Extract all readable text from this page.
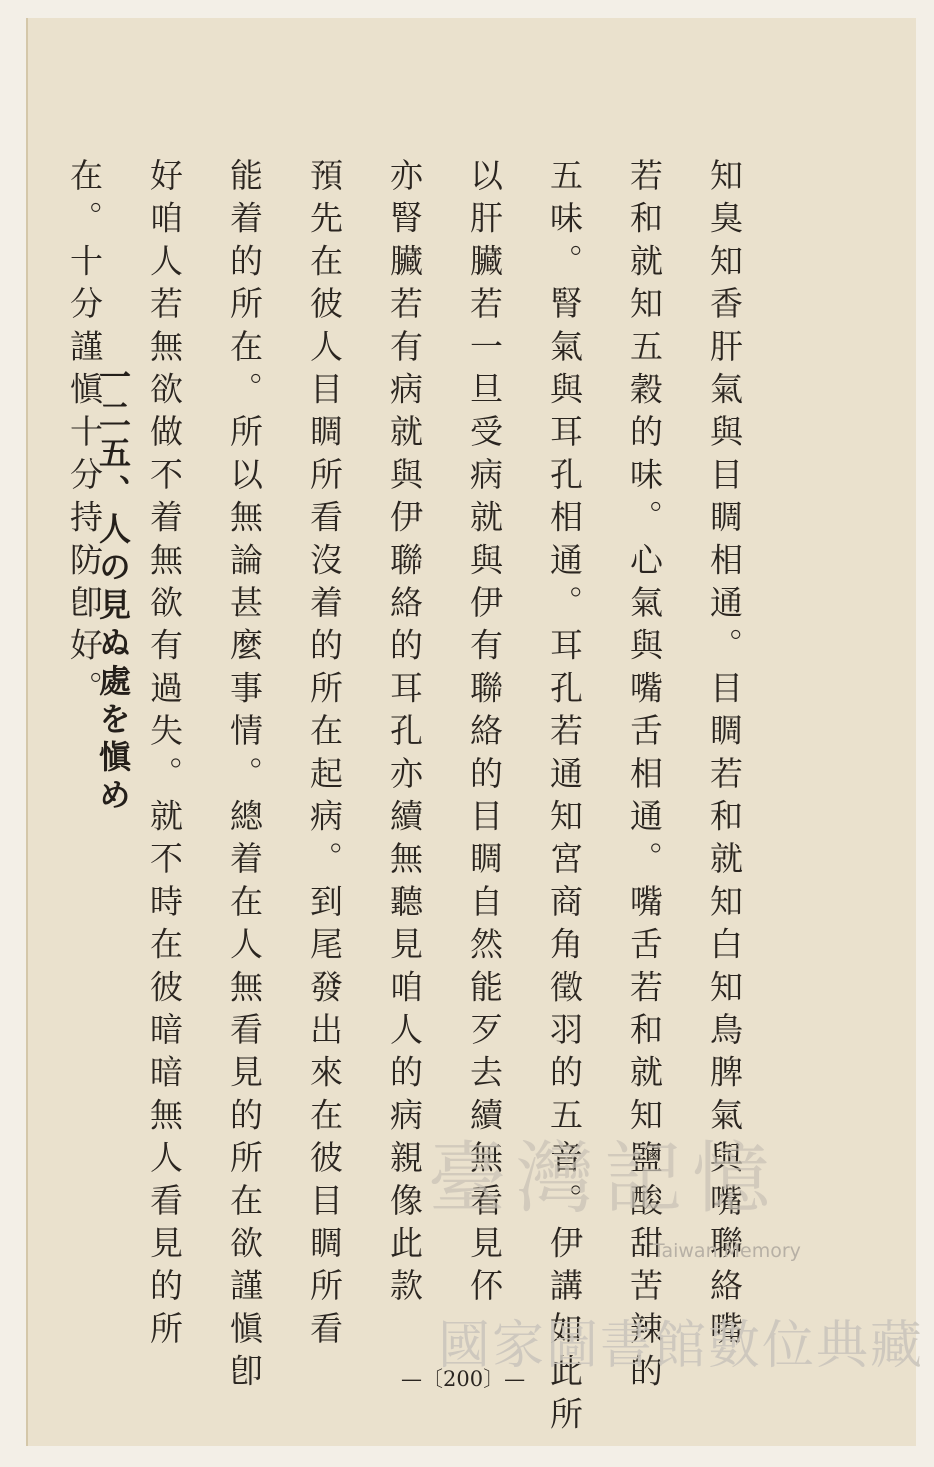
知臭知香肝氣與目睭相通。目睭若和就知白知鳥脾氣與嘴聯絡嘴
若和就知五穀的味。心氣與嘴舌相通。嘴舌若和就知鹽酸甜苦辣的
五味。腎氣與耳孔相通。耳孔若通知宮商角徵羽的五音。伊講如此所
以肝臟若一旦受病就與伊有聯絡的目睭自然能歹去續無看見伓
亦腎臟若有病就與伊聯絡的耳孔亦續無聽見咱人的病親像此款
預先在彼人目睭所看沒着的所在起病。到尾發出來在彼目睭所看
能着的所在。所以無論甚麼事情。總着在人無看見的所在欲謹愼卽
好咱人若無欲做不着無欲有過失。就不時在彼暗暗無人看見的所
在。十分謹愼十分持防卽好。
一二五、人の見ぬ處を愼め
—〔200〕—
臺灣記憶
Taiwan Memory
國家圖書館數位典藏
